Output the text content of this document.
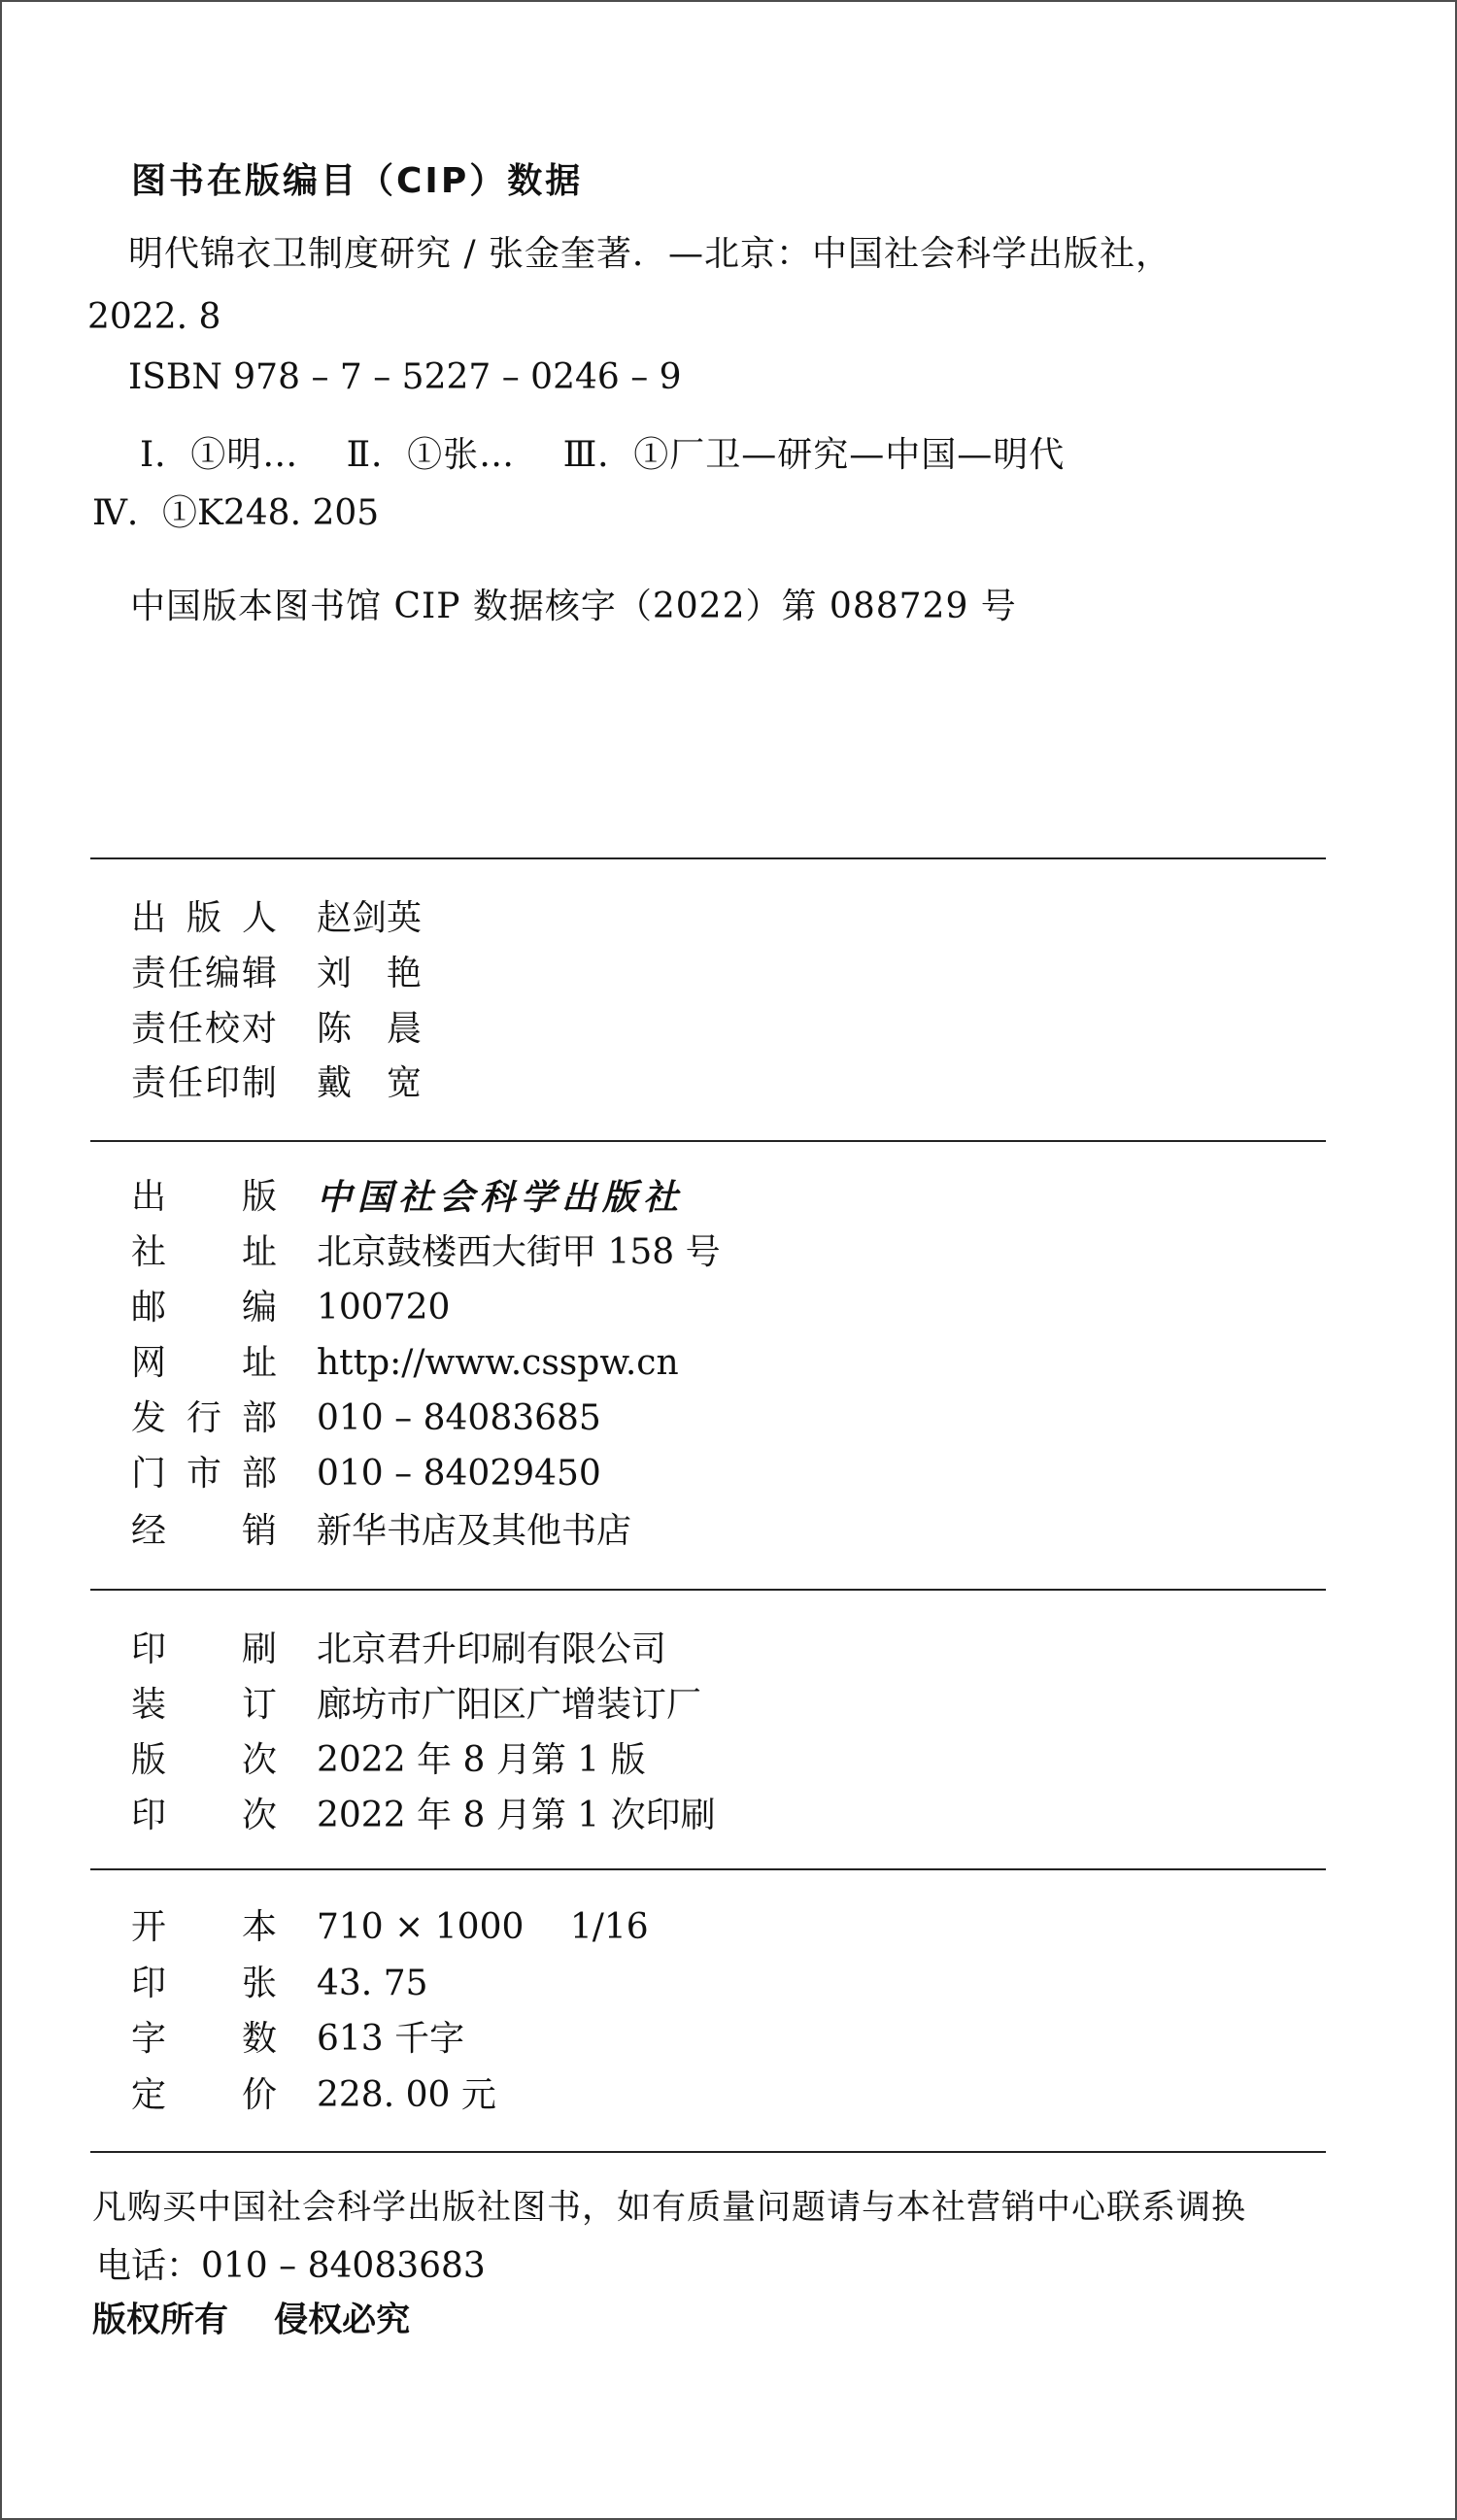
图书在版编目（CIP）数据
明代锦衣卫制度研究 / 张金奎著．—北京：中国社会科学出版社，
2022. 8
ISBN 978 – 7 – 5227 – 0246 – 9
Ⅰ．①明…　 Ⅱ．①张…　 Ⅲ．①厂卫—研究—中国—明代
Ⅳ．①K248. 205
中国版本图书馆 CIP 数据核字（2022）第 088729 号
出版人 赵剑英
责任编辑 刘　艳
责任校对 陈　晨
责任印制 戴　宽
出版 中国社会科学出版社
社址 北京鼓楼西大街甲 158 号
邮编 100720
网址 http://www.csspw.cn
发行部 010 – 84083685
门市部 010 – 84029450
经销 新华书店及其他书店
印刷 北京君升印刷有限公司
装订 廊坊市广阳区广增装订厂
版次 2022 年 8 月第 1 版
印次 2022 年 8 月第 1 次印刷
开本 710 × 1000　 1/16
印张 43. 75
字数 613 千字
定价 228. 00 元
凡购买中国社会科学出版社图书，如有质量问题请与本社营销中心联系调换
电话：010 – 84083683
版权所有　 侵权必究
